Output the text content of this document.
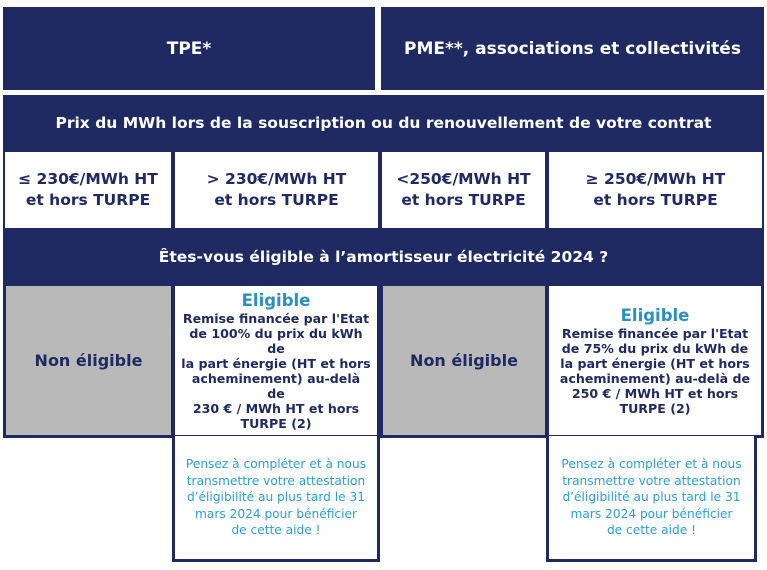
TPE*	PME**, associations et collectivités
Prix du MWh lors de la souscription ou du renouvellement de votre contrat
≤ 230€/MWh HT
et hors TURPE
> 230€/MWh HT
et hors TURPE
<250€/MWh HT
et hors TURPE
≥ 250€/MWh HT
et hors TURPE
Êtes-vous éligible à l’amortisseur électricité 2024 ?
Non éligible
Eligible
Remise financée par l'Etat
de 100% du prix du kWh de
la part énergie (HT et hors
acheminement) au-delà de
230 € / MWh HT et hors
TURPE (2)
Non éligible
Eligible
Remise financée par l'Etat
de 75% du prix du kWh de
la part énergie (HT et hors
acheminement) au-delà de
250 € / MWh HT et hors
TURPE (2)
Pensez à compléter et à nous
transmettre votre attestation
d’éligibilité au plus tard le 31
mars 2024 pour bénéficier
de cette aide !
Pensez à compléter et à nous
transmettre votre attestation
d’éligibilité au plus tard le 31
mars 2024 pour bénéficier
de cette aide !
